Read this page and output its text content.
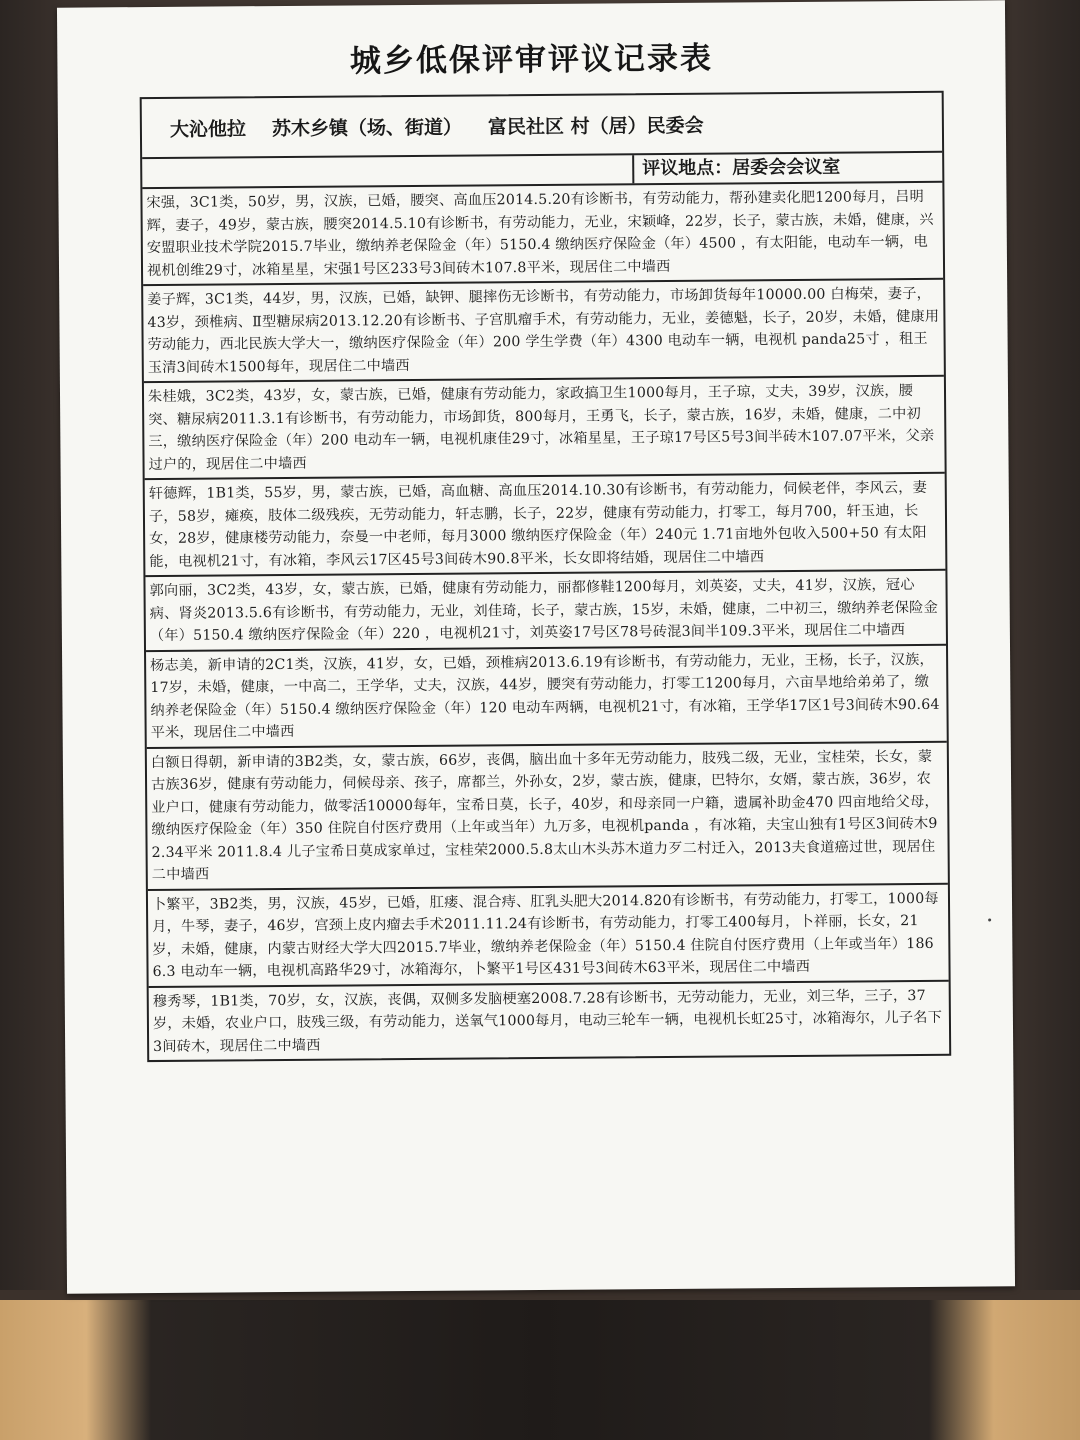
城乡低保评审评议记录表
大沁他拉 苏木乡镇（场、街道） 富民社区 村（居）民委会
评议地点：居委会会议室
宋强，3C1类，50岁，男，汉族，已婚，腰突、高血压2014.5.20有诊断书，有劳动能力，帮孙建卖化肥1200每月，吕明辉，妻子，49岁，蒙古族，腰突2014.5.10有诊断书，有劳动能力，无业，宋颖峰，22岁，长子，蒙古族，未婚，健康，兴安盟职业技术学院2015.7毕业，缴纳养老保险金（年）5150.4 缴纳医疗保险金（年）4500 ，有太阳能，电动车一辆，电视机创维29寸，冰箱星星，宋强1号区233号3间砖木107.8平米，现居住二中墙西
姜子辉，3C1类，44岁，男，汉族，已婚，缺钾、腿摔伤无诊断书，有劳动能力，市场卸货每年10000.00 白梅荣，妻子，43岁，颈椎病、Ⅱ型糖尿病2013.12.20有诊断书、子宫肌瘤手术，有劳动能力，无业，姜德魁，长子，20岁，未婚，健康用劳动能力，西北民族大学大一，缴纳医疗保险金（年）200 学生学费（年）4300 电动车一辆，电视机 panda25寸 ，租王玉清3间砖木1500每年，现居住二中墙西
朱桂娥，3C2类，43岁，女，蒙古族，已婚，健康有劳动能力，家政搞卫生1000每月，王子琼，丈夫，39岁，汉族，腰突、糖尿病2011.3.1有诊断书，有劳动能力，市场卸货，800每月，王勇飞，长子，蒙古族，16岁，未婚，健康，二中初三，缴纳医疗保险金（年）200 电动车一辆，电视机康佳29寸，冰箱星星，王子琼17号区5号3间半砖木107.07平米，父亲过户的，现居住二中墙西
轩德辉，1B1类，55岁，男，蒙古族，已婚，高血糖、高血压2014.10.30有诊断书，有劳动能力，伺候老伴，李风云，妻子，58岁，瘫痪，肢体二级残疾，无劳动能力，轩志鹏，长子，22岁，健康有劳动能力，打零工，每月700，轩玉迪，长女，28岁，健康楼劳动能力，奈曼一中老师，每月3000 缴纳医疗保险金（年）240元 1.71亩地外包收入500+50 有太阳能，电视机21寸，有冰箱，李风云17区45号3间砖木90.8平米，长女即将结婚，现居住二中墙西
郭向丽，3C2类，43岁，女，蒙古族，已婚，健康有劳动能力，丽都修鞋1200每月，刘英姿，丈夫，41岁，汉族，冠心病、肾炎2013.5.6有诊断书，有劳动能力，无业，刘佳琦，长子，蒙古族，15岁，未婚，健康，二中初三，缴纳养老保险金（年）5150.4 缴纳医疗保险金（年）220 ，电视机21寸，刘英姿17号区78号砖混3间半109.3平米，现居住二中墙西
杨志美，新申请的2C1类，汉族，41岁，女，已婚，颈椎病2013.6.19有诊断书，有劳动能力，无业，王杨，长子，汉族，17岁，未婚，健康，一中高二，王学华，丈夫，汉族，44岁，腰突有劳动能力，打零工1200每月，六亩旱地给弟弟了，缴纳养老保险金（年）5150.4 缴纳医疗保险金（年）120 电动车两辆，电视机21寸，有冰箱，王学华17区1号3间砖木90.64平米，现居住二中墙西
白额日得朝，新申请的3B2类，女，蒙古族，66岁，丧偶，脑出血十多年无劳动能力，肢残二级，无业，宝桂荣，长女，蒙古族36岁，健康有劳动能力，伺候母亲、孩子，席都兰，外孙女，2岁，蒙古族，健康，巴特尔，女婿，蒙古族，36岁，农业户口，健康有劳动能力，做零活10000每年，宝希日莫，长子，40岁，和母亲同一户籍，遗属补助金470 四亩地给父母，缴纳医疗保险金（年）350 住院自付医疗费用（上年或当年）九万多，电视机panda ，有冰箱，夫宝山独有1号区3间砖木92.34平米 2011.8.4 儿子宝希日莫成家单过，宝桂荣2000.5.8太山木头苏木道力歹二村迁入，2013夫食道癌过世，现居住二中墙西
卜繁平，3B2类，男，汉族，45岁，已婚，肛瘘、混合痔、肛乳头肥大2014.820有诊断书，有劳动能力，打零工，1000每月，牛琴，妻子，46岁，宫颈上皮内瘤去手术2011.11.24有诊断书，有劳动能力，打零工400每月，卜祥丽，长女，21岁，未婚，健康，内蒙古财经大学大四2015.7毕业，缴纳养老保险金（年）5150.4 住院自付医疗费用（上年或当年）1866.3 电动车一辆，电视机高路华29寸，冰箱海尔，卜繁平1号区431号3间砖木63平米，现居住二中墙西
穆秀琴，1B1类，70岁，女，汉族，丧偶，双侧多发脑梗塞2008.7.28有诊断书，无劳动能力，无业，刘三华，三子，37岁，未婚，农业户口，肢残三级，有劳动能力，送氧气1000每月，电动三轮车一辆，电视机长虹25寸，冰箱海尔，儿子名下3间砖木，现居住二中墙西
